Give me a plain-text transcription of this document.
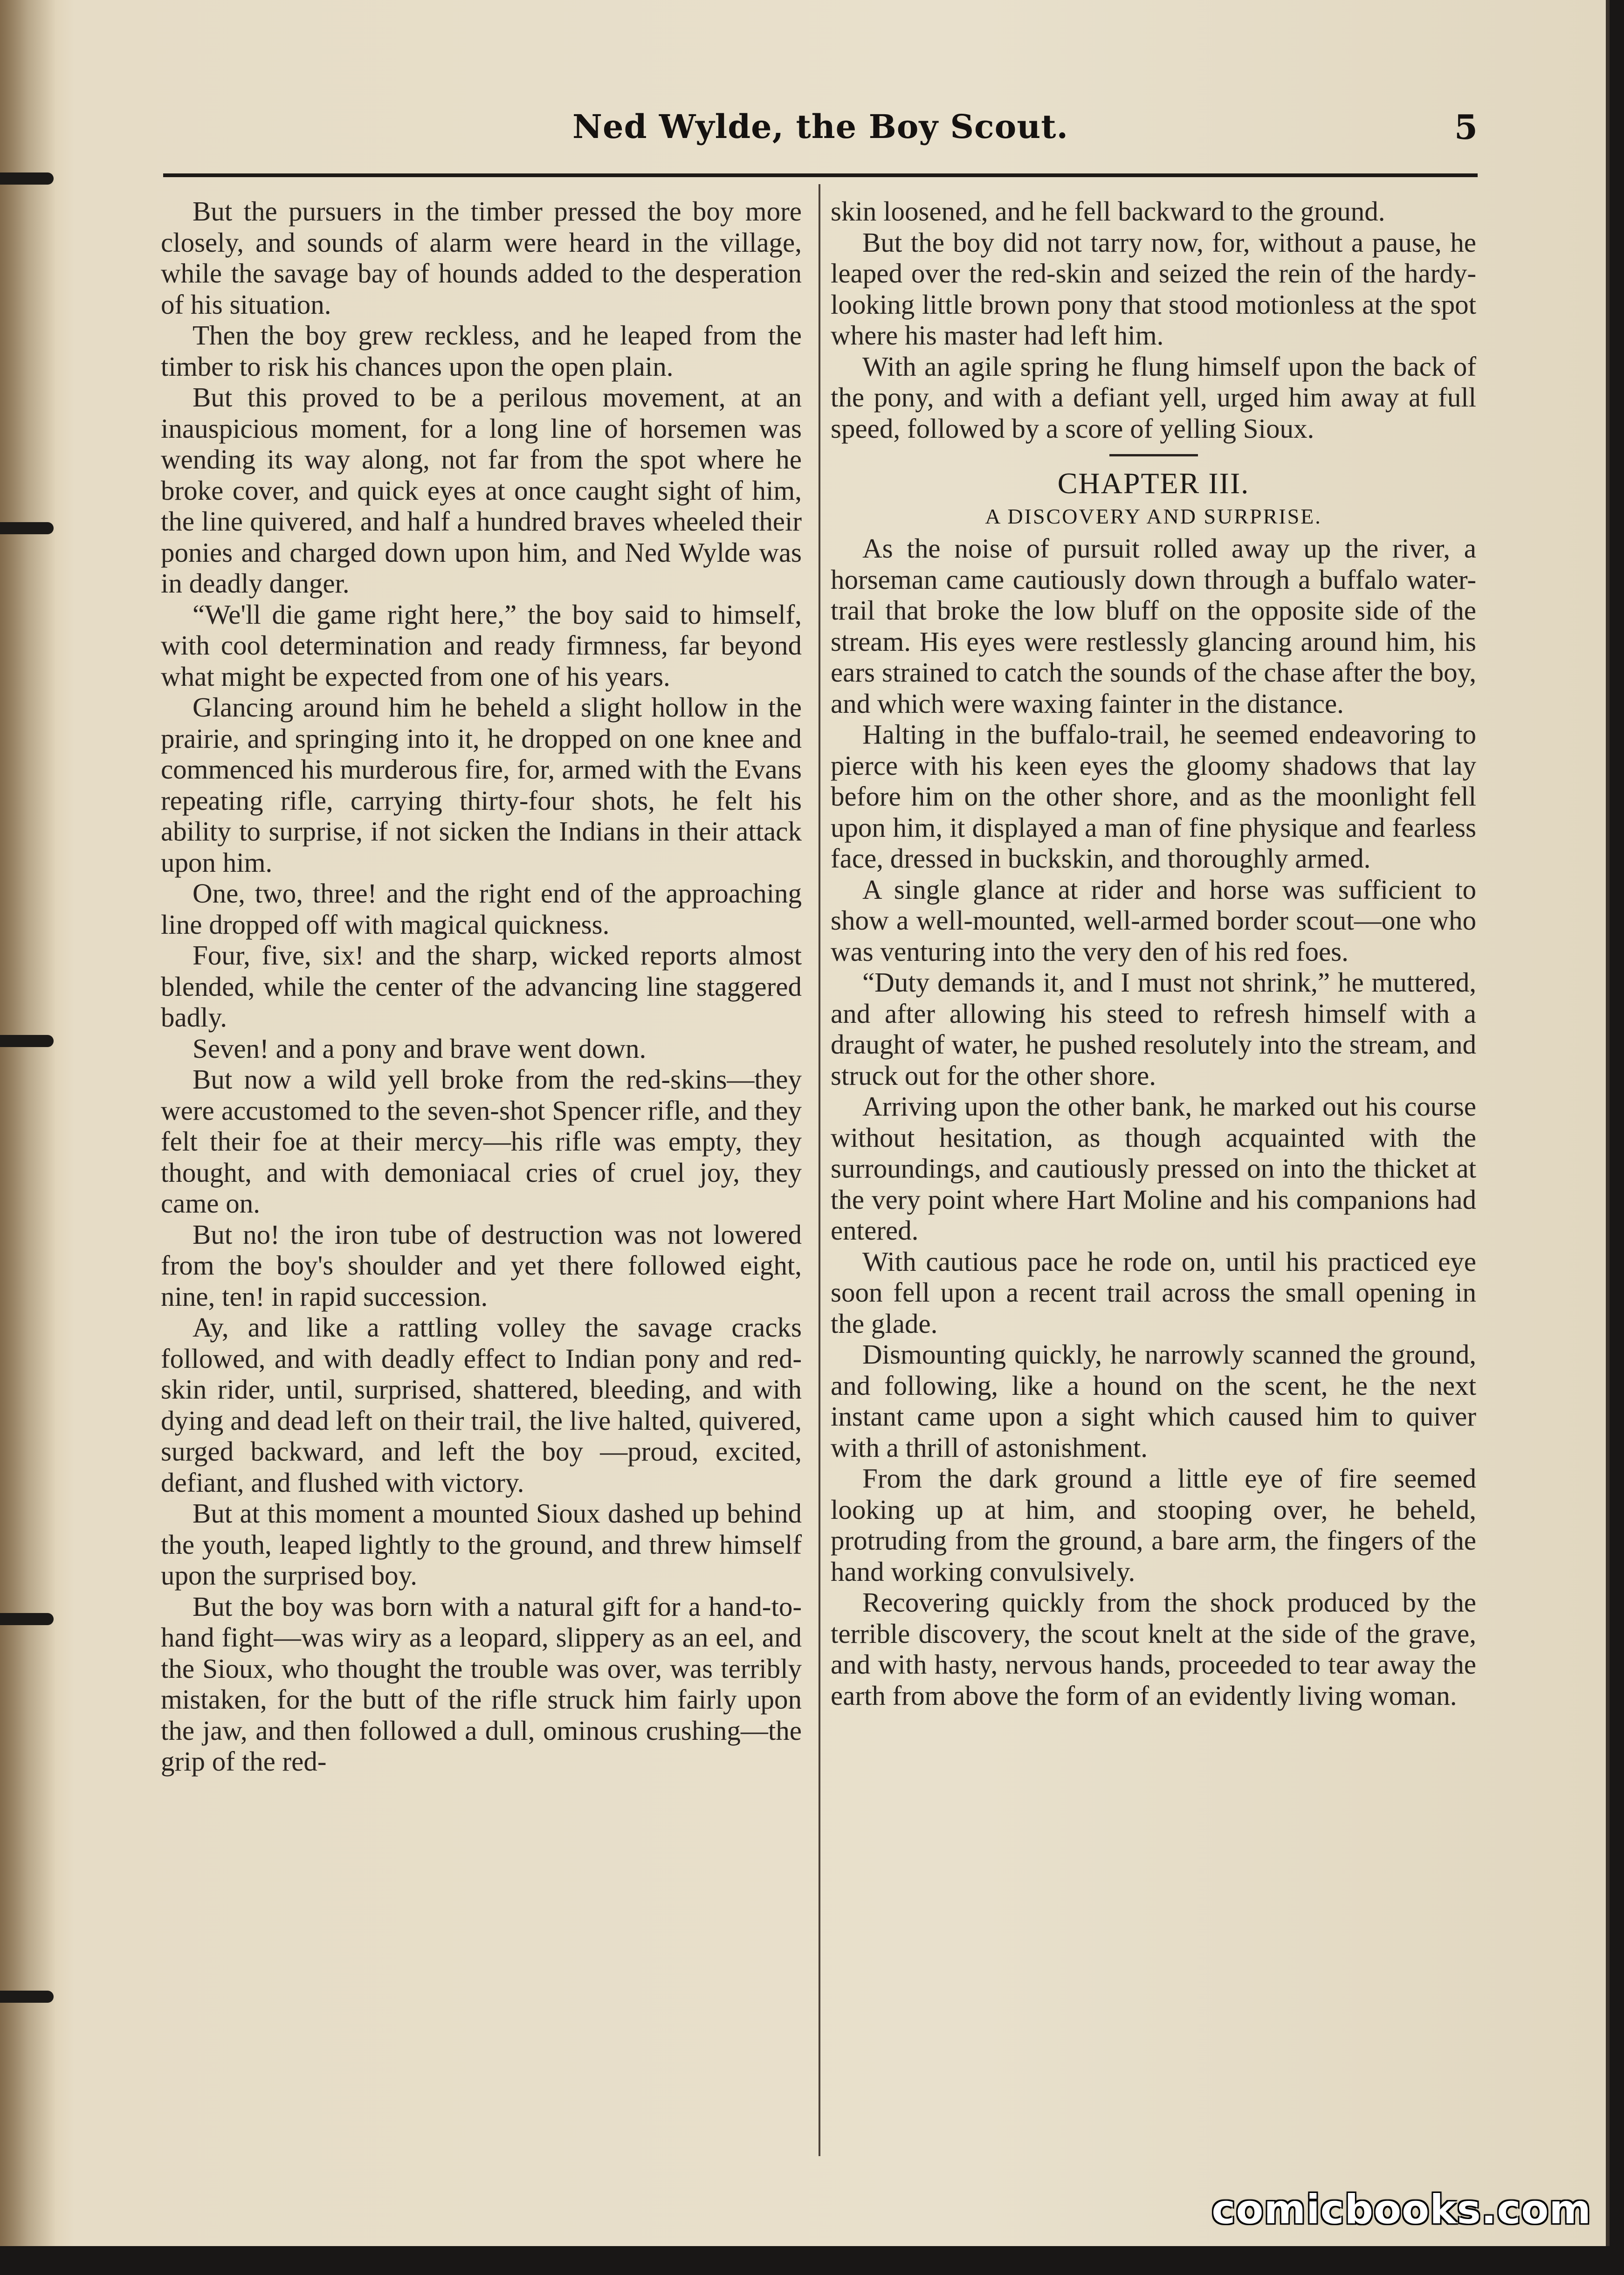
Ned Wylde, the Boy Scout.	5

But the pursuers in the timber pressed the boy more closely, and sounds of alarm were heard in the village, while the savage bay of hounds added to the desperation of his situation.

Then the boy grew reckless, and he leaped from the timber to risk his chances upon the open plain.

But this proved to be a perilous movement, at an inauspicious moment, for a long line of horsemen was wending its way along, not far from the spot where he broke cover, and quick eyes at once caught sight of him, the line quivered, and half a hundred braves wheeled their ponies and charged down upon him, and Ned Wylde was in deadly danger.

“We'll die game right here,” the boy said to himself, with cool determination and ready firmness, far beyond what might be expected from one of his years.

Glancing around him he beheld a slight hollow in the prairie, and springing into it, he dropped on one knee and commenced his murderous fire, for, armed with the Evans repeating rifle, carrying thirty-four shots, he felt his ability to surprise, if not sicken the Indians in their attack upon him.

One, two, three! and the right end of the approaching line dropped off with magical quickness.

Four, five, six! and the sharp, wicked reports almost blended, while the center of the advancing line staggered badly.

Seven! and a pony and brave went down.

But now a wild yell broke from the red-skins—they were accustomed to the seven-shot Spencer rifle, and they felt their foe at their mercy—his rifle was empty, they thought, and with demoniacal cries of cruel joy, they came on.

But no! the iron tube of destruction was not lowered from the boy's shoulder and yet there followed eight, nine, ten! in rapid succession.

Ay, and like a rattling volley the savage cracks followed, and with deadly effect to Indian pony and red-skin rider, until, surprised, shattered, bleeding, and with dying and dead left on their trail, the live halted, quivered, surged backward, and left the boy —proud, excited, defiant, and flushed with victory.

But at this moment a mounted Sioux dashed up behind the youth, leaped lightly to the ground, and threw himself upon the surprised boy.

But the boy was born with a natural gift for a hand-to-hand fight—was wiry as a leopard, slippery as an eel, and the Sioux, who thought the trouble was over, was terribly mistaken, for the butt of the rifle struck him fairly upon the jaw, and then followed a dull, ominous crushing—the grip of the red-

skin loosened, and he fell backward to the ground.

But the boy did not tarry now, for, without a pause, he leaped over the red-skin and seized the rein of the hardy-looking little brown pony that stood motionless at the spot where his master had left him.

With an agile spring he flung himself upon the back of the pony, and with a defiant yell, urged him away at full speed, followed by a score of yelling Sioux.

CHAPTER III.
A DISCOVERY AND SURPRISE.

As the noise of pursuit rolled away up the river, a horseman came cautiously down through a buffalo water-trail that broke the low bluff on the opposite side of the stream. His eyes were restlessly glancing around him, his ears strained to catch the sounds of the chase after the boy, and which were waxing fainter in the distance.

Halting in the buffalo-trail, he seemed endeavoring to pierce with his keen eyes the gloomy shadows that lay before him on the other shore, and as the moonlight fell upon him, it displayed a man of fine physique and fearless face, dressed in buckskin, and thoroughly armed.

A single glance at rider and horse was sufficient to show a well-mounted, well-armed border scout—one who was venturing into the very den of his red foes.

“Duty demands it, and I must not shrink,” he muttered, and after allowing his steed to refresh himself with a draught of water, he pushed resolutely into the stream, and struck out for the other shore.

Arriving upon the other bank, he marked out his course without hesitation, as though acquainted with the surroundings, and cautiously pressed on into the thicket at the very point where Hart Moline and his companions had entered.

With cautious pace he rode on, until his practiced eye soon fell upon a recent trail across the small opening in the glade.

Dismounting quickly, he narrowly scanned the ground, and following, like a hound on the scent, he the next instant came upon a sight which caused him to quiver with a thrill of astonishment.

From the dark ground a little eye of fire seemed looking up at him, and stooping over, he beheld, protruding from the ground, a bare arm, the fingers of the hand working convulsively.

Recovering quickly from the shock produced by the terrible discovery, the scout knelt at the side of the grave, and with hasty, nervous hands, proceeded to tear away the earth from above the form of an evidently living woman.

comicbooks.com
